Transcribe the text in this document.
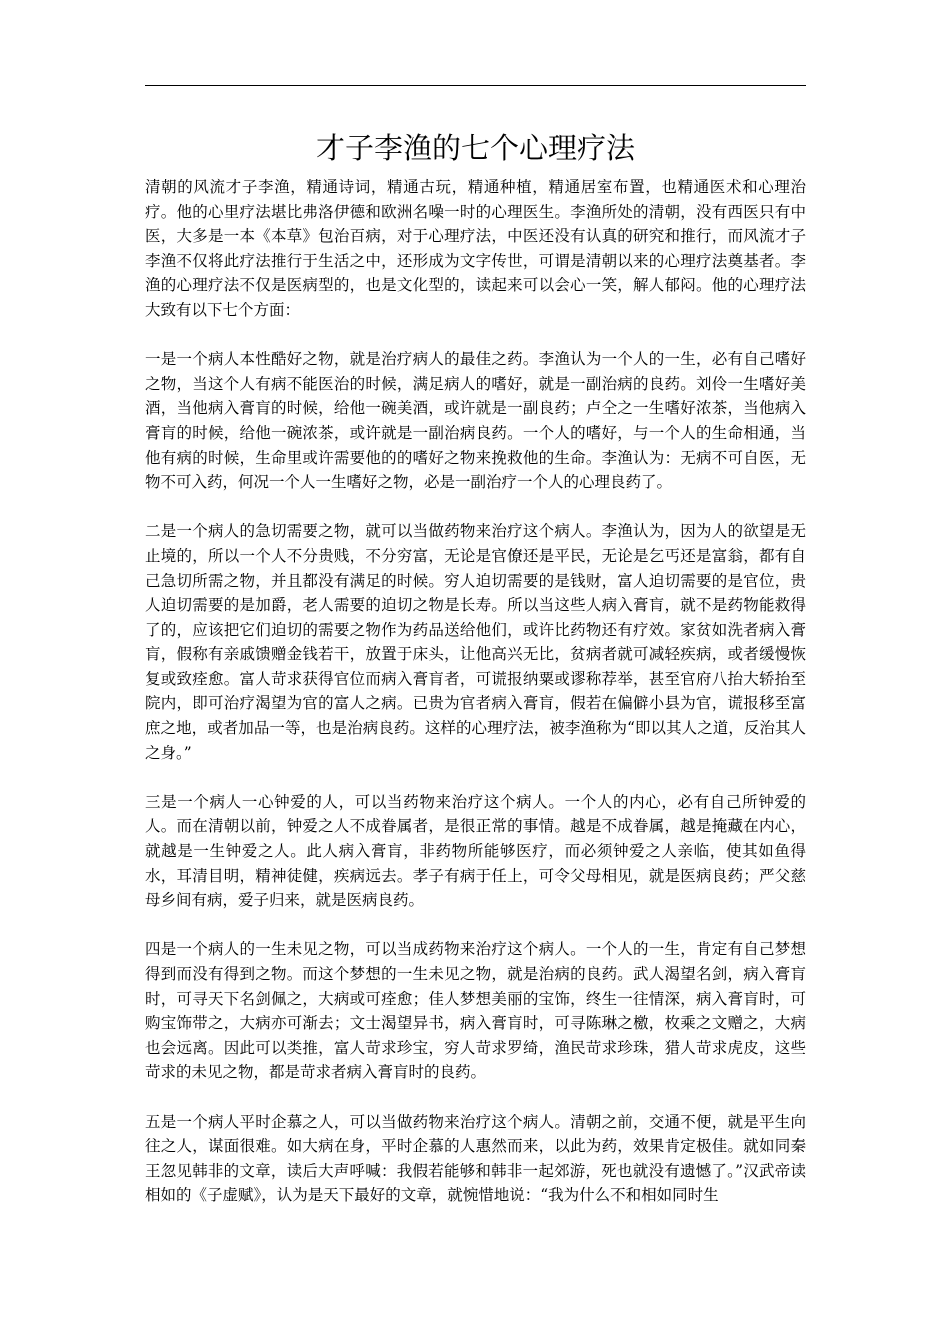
才子李渔的七个心理疗法

清朝的风流才子李渔，精通诗词，精通古玩，精通种植，精通居室布置，也精通医术和心理治疗。他的心里疗法堪比弗洛伊德和欧洲名噪一时的心理医生。李渔所处的清朝，没有西医只有中医，大多是一本《本草》包治百病，对于心理疗法，中医还没有认真的研究和推行，而风流才子李渔不仅将此疗法推行于生活之中，还形成为文字传世，可谓是清朝以来的心理疗法奠基者。李渔的心理疗法不仅是医病型的，也是文化型的，读起来可以会心一笑，解人郁闷。他的心理疗法大致有以下七个方面：

一是一个病人本性酷好之物，就是治疗病人的最佳之药。李渔认为一个人的一生，必有自己嗜好之物，当这个人有病不能医治的时候，满足病人的嗜好，就是一副治病的良药。刘伶一生嗜好美酒，当他病入膏肓的时候，给他一碗美酒，或许就是一副良药；卢仝之一生嗜好浓茶，当他病入膏肓的时候，给他一碗浓茶，或许就是一副治病良药。一个人的嗜好，与一个人的生命相通，当他有病的时候，生命里或许需要他的的嗜好之物来挽救他的生命。李渔认为：无病不可自医，无物不可入药，何况一个人一生嗜好之物，必是一副治疗一个人的心理良药了。

二是一个病人的急切需要之物，就可以当做药物来治疗这个病人。李渔认为，因为人的欲望是无止境的，所以一个人不分贵贱，不分穷富，无论是官僚还是平民，无论是乞丐还是富翁，都有自己急切所需之物，并且都没有满足的时候。穷人迫切需要的是钱财，富人迫切需要的是官位，贵人迫切需要的是加爵，老人需要的迫切之物是长寿。所以当这些人病入膏肓，就不是药物能救得了的，应该把它们迫切的需要之物作为药品送给他们，或许比药物还有疗效。家贫如洗者病入膏肓，假称有亲戚馈赠金钱若干，放置于床头，让他高兴无比，贫病者就可减轻疾病，或者缓慢恢复或致痊愈。富人苛求获得官位而病入膏肓者，可谎报纳粟或谬称荐举，甚至官府八抬大轿抬至院内，即可治疗渴望为官的富人之病。已贵为官者病入膏肓，假若在偏僻小县为官，谎报移至富庶之地，或者加品一等，也是治病良药。这样的心理疗法，被李渔称为“即以其人之道，反治其人之身。”

三是一个病人一心钟爱的人，可以当药物来治疗这个病人。一个人的内心，必有自己所钟爱的人。而在清朝以前，钟爱之人不成眷属者，是很正常的事情。越是不成眷属，越是掩藏在内心，就越是一生钟爱之人。此人病入膏肓，非药物所能够医疗，而必须钟爱之人亲临，使其如鱼得水，耳清目明，精神徒健，疾病远去。孝子有病于任上，可令父母相见，就是医病良药；严父慈母乡间有病，爱子归来，就是医病良药。

四是一个病人的一生未见之物，可以当成药物来治疗这个病人。一个人的一生，肯定有自己梦想得到而没有得到之物。而这个梦想的一生未见之物，就是治病的良药。武人渴望名剑，病入膏肓时，可寻天下名剑佩之，大病或可痊愈；佳人梦想美丽的宝饰，终生一往情深，病入膏肓时，可购宝饰带之，大病亦可渐去；文士渴望异书，病入膏肓时，可寻陈琳之檄，枚乘之文赠之，大病也会远离。因此可以类推，富人苛求珍宝，穷人苛求罗绮，渔民苛求珍珠，猎人苛求虎皮，这些苛求的未见之物，都是苛求者病入膏肓时的良药。

五是一个病人平时企慕之人，可以当做药物来治疗这个病人。清朝之前，交通不便，就是平生向往之人，谋面很难。如大病在身，平时企慕的人惠然而来，以此为药，效果肯定极佳。就如同秦王忽见韩非的文章，读后大声呼喊：我假若能够和韩非一起郊游，死也就没有遗憾了。”汉武帝读相如的《子虚赋》，认为是天下最好的文章，就惋惜地说：“我为什么不和相如同时生
